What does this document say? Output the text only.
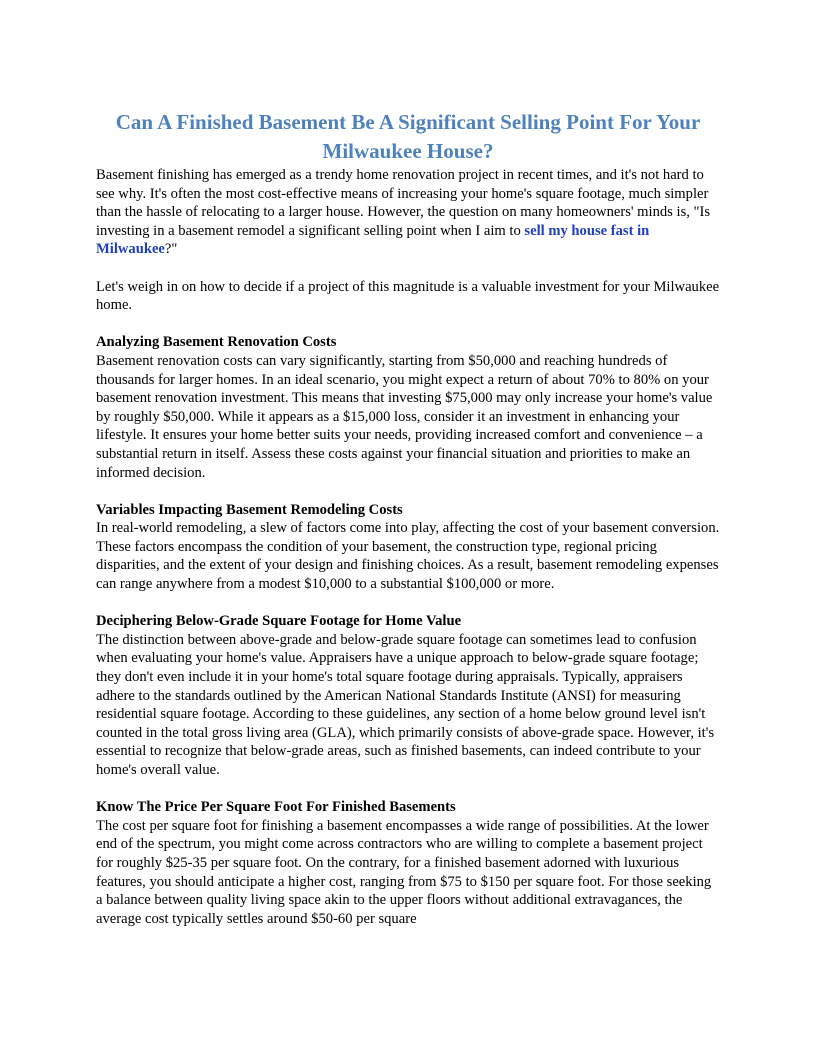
Can A Finished Basement Be A Significant Selling Point For Your Milwaukee House?

Basement finishing has emerged as a trendy home renovation project in recent times, and it's not hard to see why. It's often the most cost-effective means of increasing your home's square footage, much simpler than the hassle of relocating to a larger house. However, the question on many homeowners' minds is, "Is investing in a basement remodel a significant selling point when I aim to sell my house fast in Milwaukee?"

Let's weigh in on how to decide if a project of this magnitude is a valuable investment for your Milwaukee home.

Analyzing Basement Renovation Costs

Basement renovation costs can vary significantly, starting from $50,000 and reaching hundreds of thousands for larger homes. In an ideal scenario, you might expect a return of about 70% to 80% on your basement renovation investment. This means that investing $75,000 may only increase your home's value by roughly $50,000. While it appears as a $15,000 loss, consider it an investment in enhancing your lifestyle. It ensures your home better suits your needs, providing increased comfort and convenience – a substantial return in itself. Assess these costs against your financial situation and priorities to make an informed decision.

Variables Impacting Basement Remodeling Costs

In real-world remodeling, a slew of factors come into play, affecting the cost of your basement conversion. These factors encompass the condition of your basement, the construction type, regional pricing disparities, and the extent of your design and finishing choices. As a result, basement remodeling expenses can range anywhere from a modest $10,000 to a substantial $100,000 or more.

Deciphering Below-Grade Square Footage for Home Value

The distinction between above-grade and below-grade square footage can sometimes lead to confusion when evaluating your home's value. Appraisers have a unique approach to below-grade square footage; they don't even include it in your home's total square footage during appraisals. Typically, appraisers adhere to the standards outlined by the American National Standards Institute (ANSI) for measuring residential square footage. According to these guidelines, any section of a home below ground level isn't counted in the total gross living area (GLA), which primarily consists of above-grade space. However, it's essential to recognize that below-grade areas, such as finished basements, can indeed contribute to your home's overall value.

Know The Price Per Square Foot For Finished Basements

The cost per square foot for finishing a basement encompasses a wide range of possibilities. At the lower end of the spectrum, you might come across contractors who are willing to complete a basement project for roughly $25-35 per square foot. On the contrary, for a finished basement adorned with luxurious features, you should anticipate a higher cost, ranging from $75 to $150 per square foot. For those seeking a balance between quality living space akin to the upper floors without additional extravagances, the average cost typically settles around $50-60 per square
